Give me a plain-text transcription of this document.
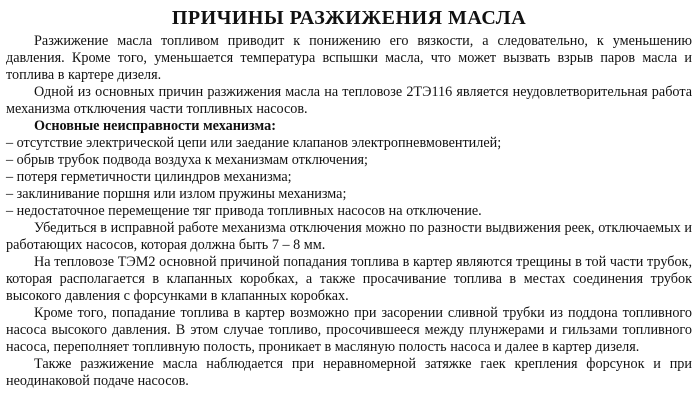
ПРИЧИНЫ РАЗЖИЖЕНИЯ МАСЛА

Разжижение масла топливом приводит к понижению его вязкости, а следовательно, к уменьшению давления. Кроме того, уменьшается температура вспышки масла, что может вызвать взрыв паров масла и топлива в картере дизеля.

Одной из основных причин разжижения масла на тепловозе 2ТЭ116 является неудовлетворительная работа механизма отключения части топливных насосов.

Основные неисправности механизма:
– отсутствие электрической цепи или заедание клапанов электропневмовентилей;
– обрыв трубок подвода воздуха к механизмам отключения;
– потеря герметичности цилиндров механизма;
– заклинивание поршня или излом пружины механизма;
– недостаточное перемещение тяг привода топливных насосов на отключение.

Убедиться в исправной работе механизма отключения можно по разности выдвижения реек, отключаемых и работающих насосов, которая должна быть 7 – 8 мм.

На тепловозе ТЭМ2 основной причиной попадания топлива в картер являются трещины в той части трубок, которая располагается в клапанных коробках, а также просачивание топлива в местах соединения трубок высокого давления с форсунками в клапанных коробках.

Кроме того, попадание топлива в картер возможно при засорении сливной трубки из поддона топливного насоса высокого давления. В этом случае топливо, просочившееся между плунжерами и гильзами топливного насоса, переполняет топливную полость, проникает в масляную полость насоса и далее в картер дизеля.

Также разжижение масла наблюдается при неравномерной затяжке гаек крепления форсунок и при неодинаковой подаче насосов.
